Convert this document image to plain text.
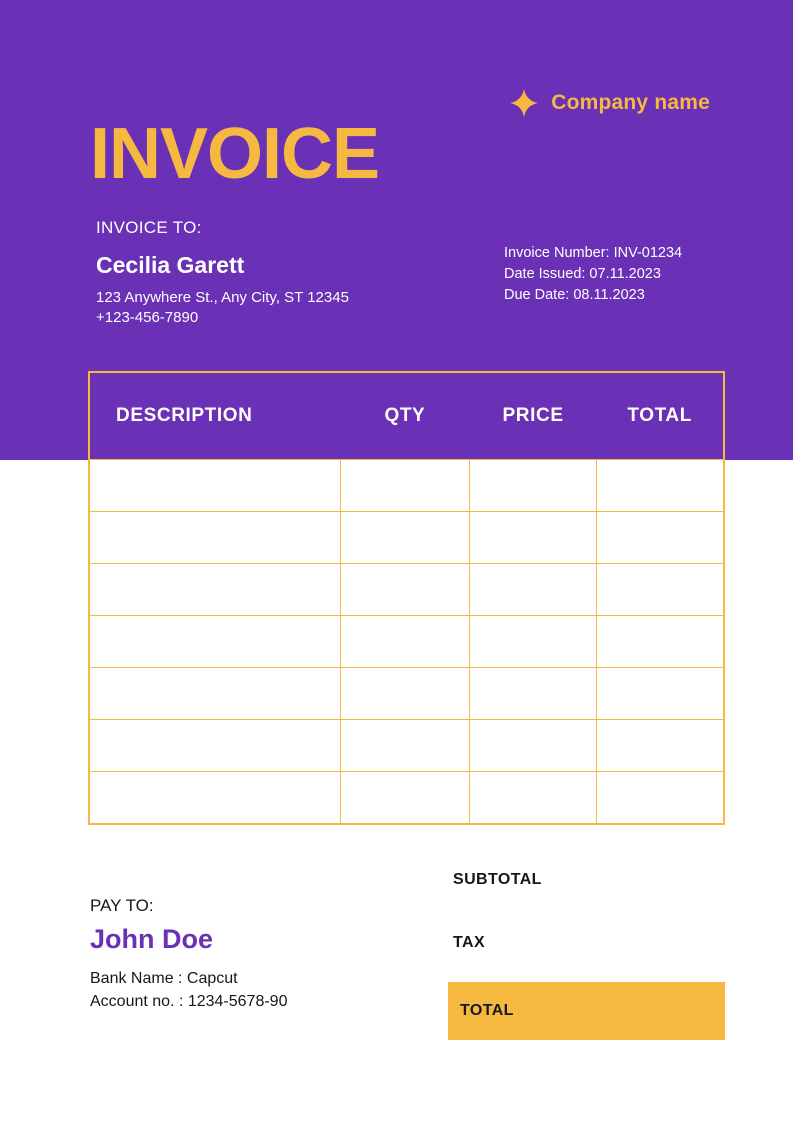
Company name
INVOICE
INVOICE TO:
Cecilia Garett
123 Anywhere St., Any City, ST 12345
+123-456-7890
Invoice Number: INV-01234
Date Issued: 07.11.2023
Due Date: 08.11.2023
DESCRIPTION	QTY	PRICE	TOTAL

PAY TO:
John Doe
Bank Name : Capcut
Account no. : 1234-5678-90
SUBTOTAL
TAX
TOTAL
